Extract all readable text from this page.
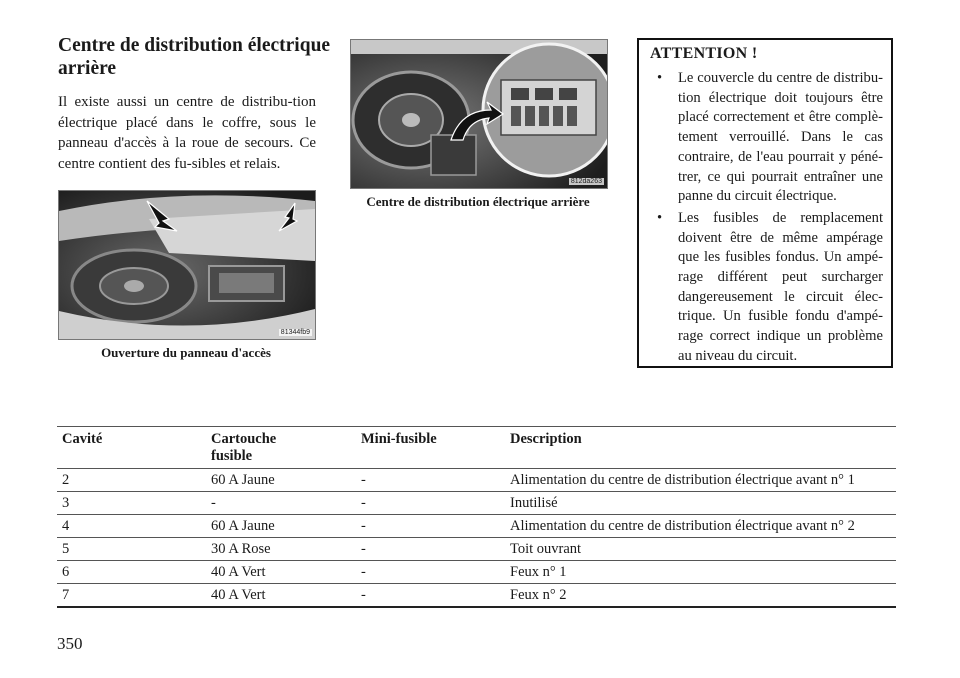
Centre de distribution électrique arrière

Il existe aussi un centre de distribu-tion électrique placé dans le coffre, sous le panneau d'accès à la roue de secours. Ce centre contient des fu-sibles et relais.

81344fb9
Ouverture du panneau d'accès
812da263
Centre de distribution électrique arrière
ATTENTION !
• Le couvercle du centre de distribu-tion électrique doit toujours être placé correctement et être complè-tement verrouillé. Dans le cas contraire, de l'eau pourrait y péné-trer, ce qui pourrait entraîner une panne du circuit électrique.
• Les fusibles de remplacement doivent être de même ampérage que les fusibles fondus. Un ampé-rage différent peut surcharger dangereusement le circuit élec-trique. Un fusible fondu d'ampé-rage correct indique un problème au niveau du circuit.
Cavité	Cartouche fusible	Mini-fusible	Description
2	60 A Jaune	-	Alimentation du centre de distribution électrique avant n° 1
3	-	-	Inutilisé
4	60 A Jaune	-	Alimentation du centre de distribution électrique avant n° 2
5	30 A Rose	-	Toit ouvrant
6	40 A Vert	-	Feux n° 1
7	40 A Vert	-	Feux n° 2
350
